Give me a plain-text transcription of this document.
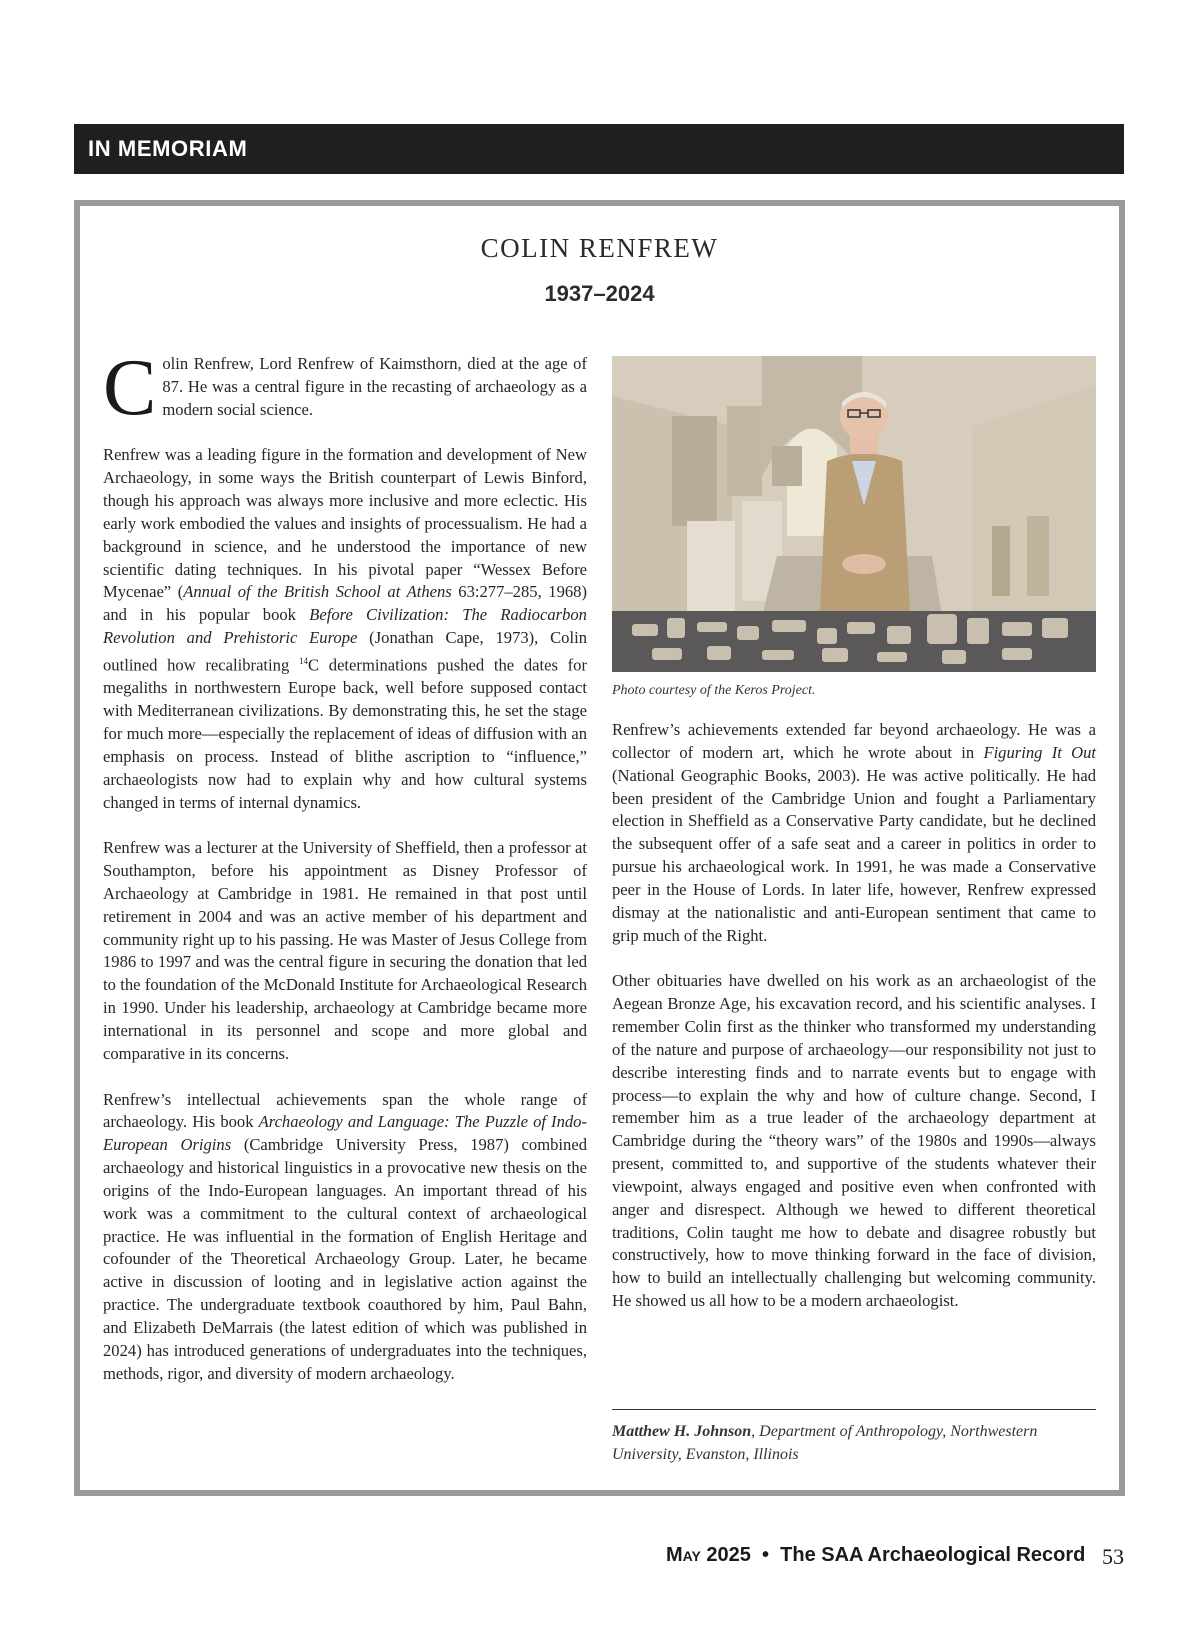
IN MEMORIAM
COLIN RENFREW
1937–2024

Colin Renfrew, Lord Renfrew of Kaimsthorn, died at the age of 87. He was a central figure in the recasting of archaeology as a modern social science.

Renfrew was a leading figure in the formation and development of New Archaeology, in some ways the British counterpart of Lewis Binford, though his approach was always more inclusive and more eclectic. His early work embodied the values and insights of processualism. He had a background in science, and he understood the importance of new scientific dating techniques. In his pivotal paper “Wessex Before Mycenae” (Annual of the British School at Athens 63:277–285, 1968) and in his popular book Before Civilization: The Radiocarbon Revolution and Prehistoric Europe (Jonathan Cape, 1973), Colin outlined how recalibrating $^{14}$C determinations pushed the dates for megaliths in northwestern Europe back, well before supposed contact with Mediterranean civilizations. By demonstrating this, he set the stage for much more—especially the replacement of ideas of diffusion with an emphasis on process. Instead of blithe ascription to “influence,” archaeologists now had to explain why and how cultural systems changed in terms of internal dynamics.

Renfrew was a lecturer at the University of Sheffield, then a professor at Southampton, before his appointment as Disney Professor of Archaeology at Cambridge in 1981. He remained in that post until retirement in 2004 and was an active member of his department and community right up to his passing. He was Master of Jesus College from 1986 to 1997 and was the central figure in securing the donation that led to the foundation of the McDonald Institute for Archaeological Research in 1990. Under his leadership, archaeology at Cambridge became more international in its personnel and scope and more global and comparative in its concerns.

Renfrew’s intellectual achievements span the whole range of archaeology. His book Archaeology and Language: The Puzzle of Indo-European Origins (Cambridge University Press, 1987) combined archaeology and historical linguistics in a provocative new thesis on the origins of the Indo-European languages. An important thread of his work was a commitment to the cultural context of archaeological practice. He was influential in the formation of English Heritage and cofounder of the Theoretical Archaeology Group. Later, he became active in discussion of looting and in legislative action against the practice. The undergraduate textbook coauthored by him, Paul Bahn, and Elizabeth DeMarrais (the latest edition of which was published in 2024) has introduced generations of undergraduates into the techniques, methods, rigor, and diversity of modern archaeology.

Photo courtesy of the Keros Project.

Renfrew’s achievements extended far beyond archaeology. He was a collector of modern art, which he wrote about in Figuring It Out (National Geographic Books, 2003). He was active politically. He had been president of the Cambridge Union and fought a Parliamentary election in Sheffield as a Conservative Party candidate, but he declined the subsequent offer of a safe seat and a career in politics in order to pursue his archaeological work. In 1991, he was made a Conservative peer in the House of Lords. In later life, however, Renfrew expressed dismay at the nationalistic and anti-European sentiment that came to grip much of the Right.

Other obituaries have dwelled on his work as an archaeologist of the Aegean Bronze Age, his excavation record, and his scientific analyses. I remember Colin first as the thinker who transformed my understanding of the nature and purpose of archaeology—our responsibility not just to describe interesting finds and to narrate events but to engage with process—to explain the why and how of culture change. Second, I remember him as a true leader of the archaeology department at Cambridge during the “theory wars” of the 1980s and 1990s—always present, committed to, and supportive of the students whatever their viewpoint, always engaged and positive even when confronted with anger and disrespect. Although we hewed to different theoretical traditions, Colin taught me how to debate and disagree robustly but constructively, how to move thinking forward in the face of division, how to build an intellectually challenging but welcoming community. He showed us all how to be a modern archaeologist.

Matthew H. Johnson, Department of Anthropology, Northwestern University, Evanston, Illinois
May 2025 • The SAA Archaeological Record 53
